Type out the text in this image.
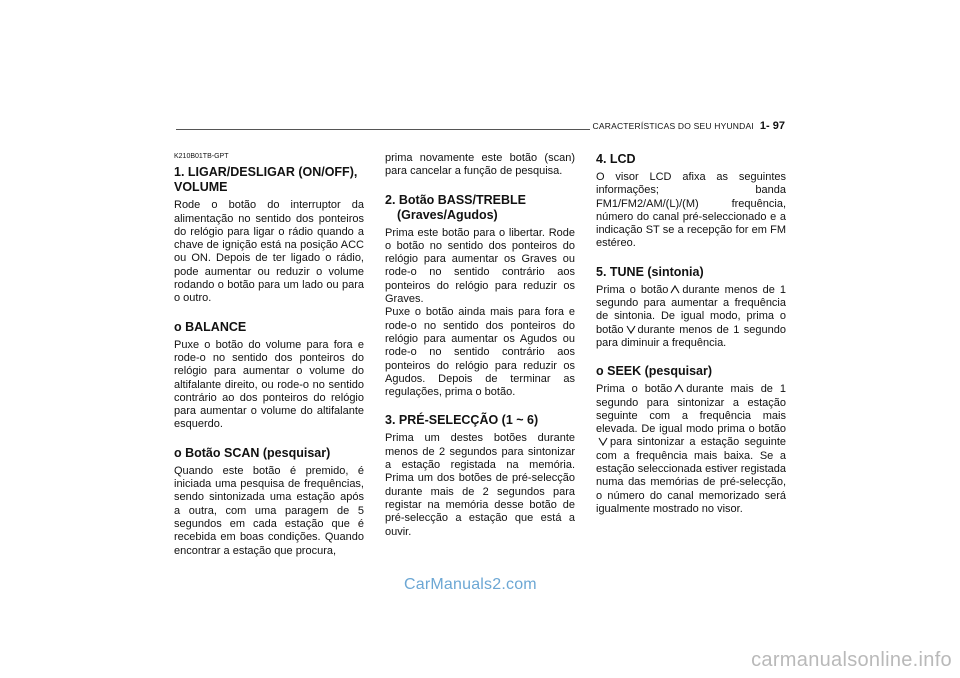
CARACTERÍSTICAS DO SEU HYUNDAI 1- 97
K210B01TB-GPT
1. LIGAR/DESLIGAR (ON/OFF), VOLUME

Rode o botão do interruptor da alimentação no sentido dos ponteiros do relógio para ligar o rádio quando a chave de ignição está na posição ACC ou ON. Depois de ter ligado o rádio, pode aumentar ou reduzir o volume rodando o botão para um lado ou para o outro.

o BALANCE

Puxe o botão do volume para fora e rode-o no sentido dos ponteiros do relógio para aumentar o volume do altifalante direito, ou rode-o no sentido contrário ao dos ponteiros do relógio para aumentar o volume do altifalante esquerdo.

o Botão SCAN (pesquisar)

Quando este botão é premido, é iniciada uma pesquisa de frequências, sendo sintonizada uma estação após a outra, com uma paragem de 5 segundos em cada estação que é recebida em boas condições. Quando encontrar a estação que procura,

prima novamente este botão (scan) para cancelar a função de pesquisa.

2. Botão BASS/TREBLE (Graves/Agudos)

Prima este botão para o libertar. Rode o botão no sentido dos ponteiros do relógio para aumentar os Graves ou rode-o no sentido contrário aos ponteiros do relógio para reduzir os Graves.

Puxe o botão ainda mais para fora e rode-o no sentido dos ponteiros do relógio para aumentar os Agudos ou rode-o no sentido contrário aos ponteiros do relógio para reduzir os Agudos. Depois de terminar as regulações, prima o botão.

3. PRÉ-SELECÇÃO (1 ~ 6)

Prima um destes botões durante menos de 2 segundos para sintonizar a estação registada na memória. Prima um dos botões de pré-selecção durante mais de 2 segundos para registar na memória desse botão de pré-selecção a estação que está a ouvir.

4. LCD

O visor LCD afixa as seguintes informações; banda FM1/FM2/AM/(L)/(M) frequência, número do canal pré-seleccionado e a indicação ST se a recepção for em FM estéreo.

5. TUNE (sintonia)

Prima o botão durante menos de 1 segundo para aumentar a frequência de sintonia. De igual modo, prima o botão durante menos de 1 segundo para diminuir a frequência.

o SEEK (pesquisar)

Prima o botão durante mais de 1 segundo para sintonizar a estação seguinte com a frequência mais elevada. De igual modo prima o botãopara sintonizar a estação seguinte com a frequência mais baixa. Se a estação seleccionada estiver registada numa das memórias de pré-selecção, o número do canal memorizado será igualmente mostrado no visor.

CarManuals2.com
carmanualsonline.info
